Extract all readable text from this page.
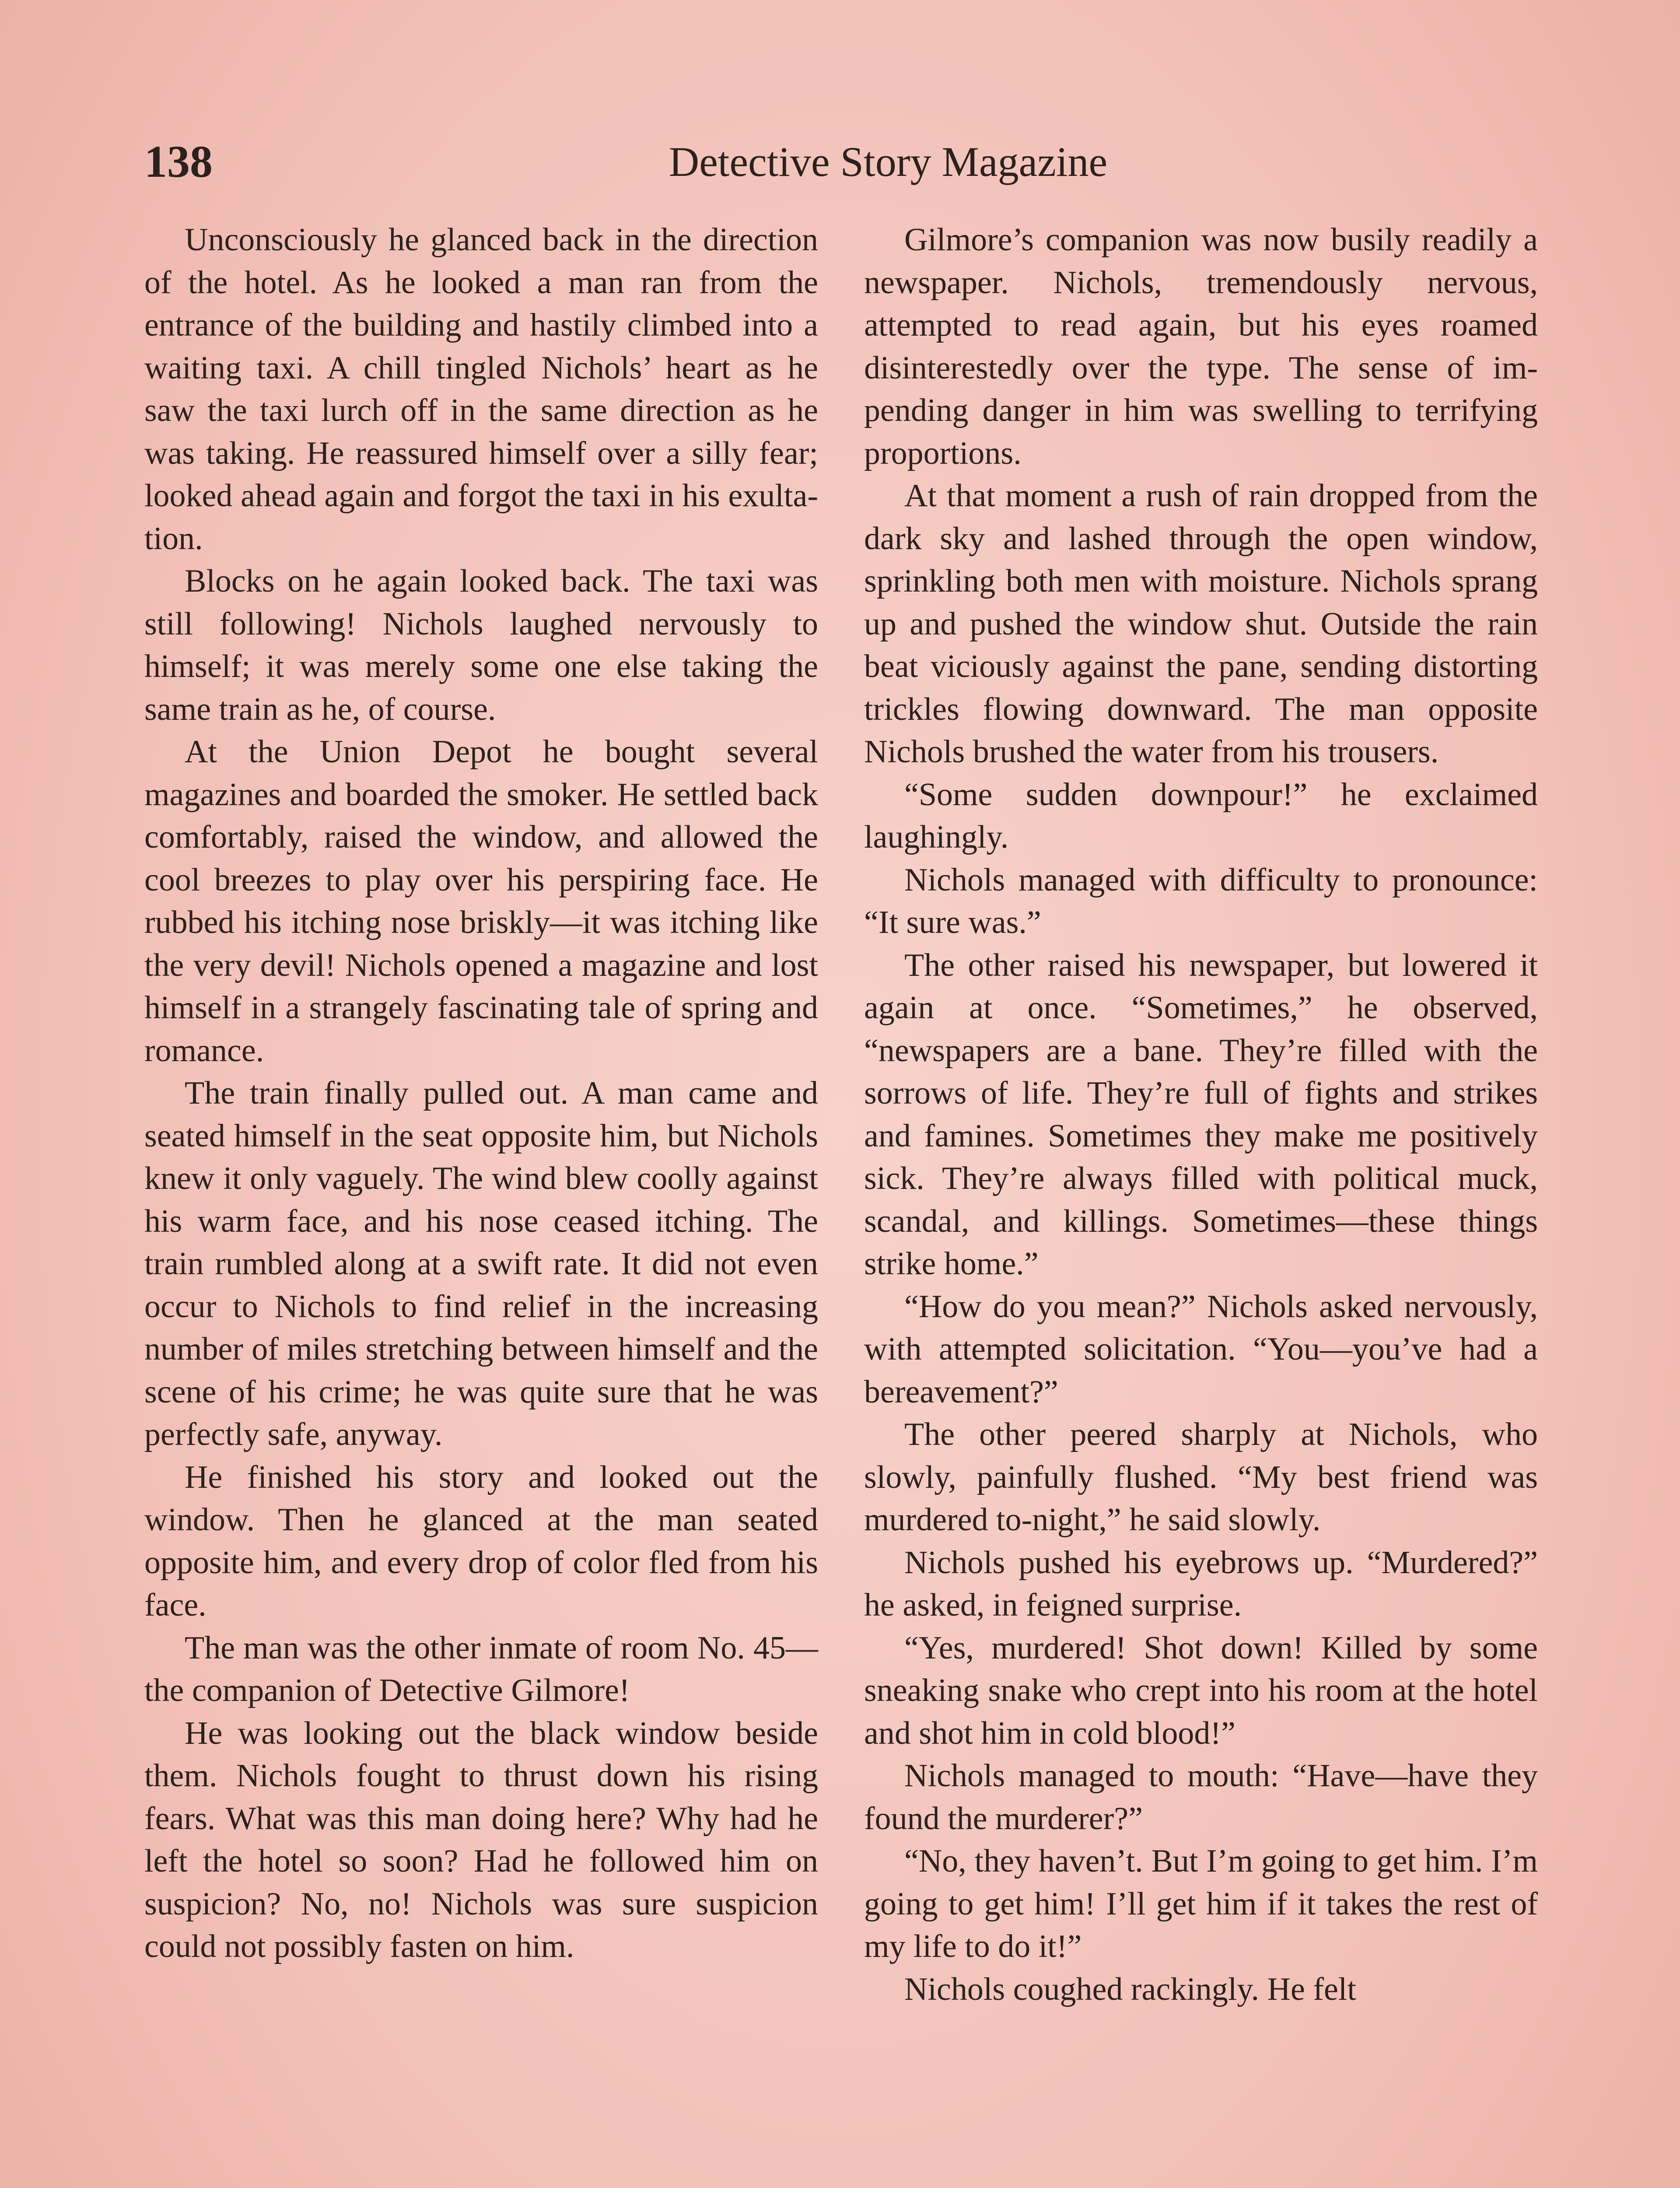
138	Detective Story Magazine

Unconsciously he glanced back in the direction of the hotel. As he looked a man ran from the entrance of the building and hastily climbed into a waiting taxi. A chill tingled Nichols’ heart as he saw the taxi lurch off in the same direction as he was taking. He reassured himself over a silly fear; looked ahead again and forgot the taxi in his exultation.

Blocks on he again looked back. The taxi was still following! Nichols laughed nervously to himself; it was merely some one else taking the same train as he, of course.

At the Union Depot he bought several magazines and boarded the smoker. He settled back comfortably, raised the window, and allowed the cool breezes to play over his perspiring face. He rubbed his itching nose briskly—it was itching like the very devil! Nichols opened a magazine and lost himself in a strangely fascinating tale of spring and romance.

The train finally pulled out. A man came and seated himself in the seat opposite him, but Nichols knew it only vaguely. The wind blew coolly against his warm face, and his nose ceased itching. The train rumbled along at a swift rate. It did not even occur to Nichols to find relief in the increasing number of miles stretching between himself and the scene of his crime; he was quite sure that he was perfectly safe, anyway.

He finished his story and looked out the window. Then he glanced at the man seated opposite him, and every drop of color fled from his face.

The man was the other inmate of room No. 45—the companion of Detective Gilmore!

He was looking out the black window beside them. Nichols fought to thrust down his rising fears. What was this man doing here? Why had he left the hotel so soon? Had he followed him on suspicion? No, no! Nichols was sure suspicion could not possibly fasten on him.

Gilmore’s companion was now busily readily a newspaper. Nichols, tremendously nervous, attempted to read again, but his eyes roamed disinterestedly over the type. The sense of impending danger in him was swelling to terrifying proportions.

At that moment a rush of rain dropped from the dark sky and lashed through the open window, sprinkling both men with moisture. Nichols sprang up and pushed the window shut. Outside the rain beat viciously against the pane, sending distorting trickles flowing downward. The man opposite Nichols brushed the water from his trousers.

“Some sudden downpour!” he exclaimed laughingly.

Nichols managed with difficulty to pronounce: “It sure was.”

The other raised his newspaper, but lowered it again at once. “Sometimes,” he observed, “newspapers are a bane. They’re filled with the sorrows of life. They’re full of fights and strikes and famines. Sometimes they make me positively sick. They’re always filled with political muck, scandal, and killings. Sometimes—these things strike home.”

“How do you mean?” Nichols asked nervously, with attempted solicitation. “You—you’ve had a bereavement?”

The other peered sharply at Nichols, who slowly, painfully flushed. “My best friend was murdered to-night,” he said slowly.

Nichols pushed his eyebrows up. “Murdered?” he asked, in feigned surprise.

“Yes, murdered! Shot down! Killed by some sneaking snake who crept into his room at the hotel and shot him in cold blood!”

Nichols managed to mouth: “Have—have they found the murderer?”

“No, they haven’t. But I’m going to get him. I’m going to get him! I’ll get him if it takes the rest of my life to do it!”

Nichols coughed rackingly. He felt
